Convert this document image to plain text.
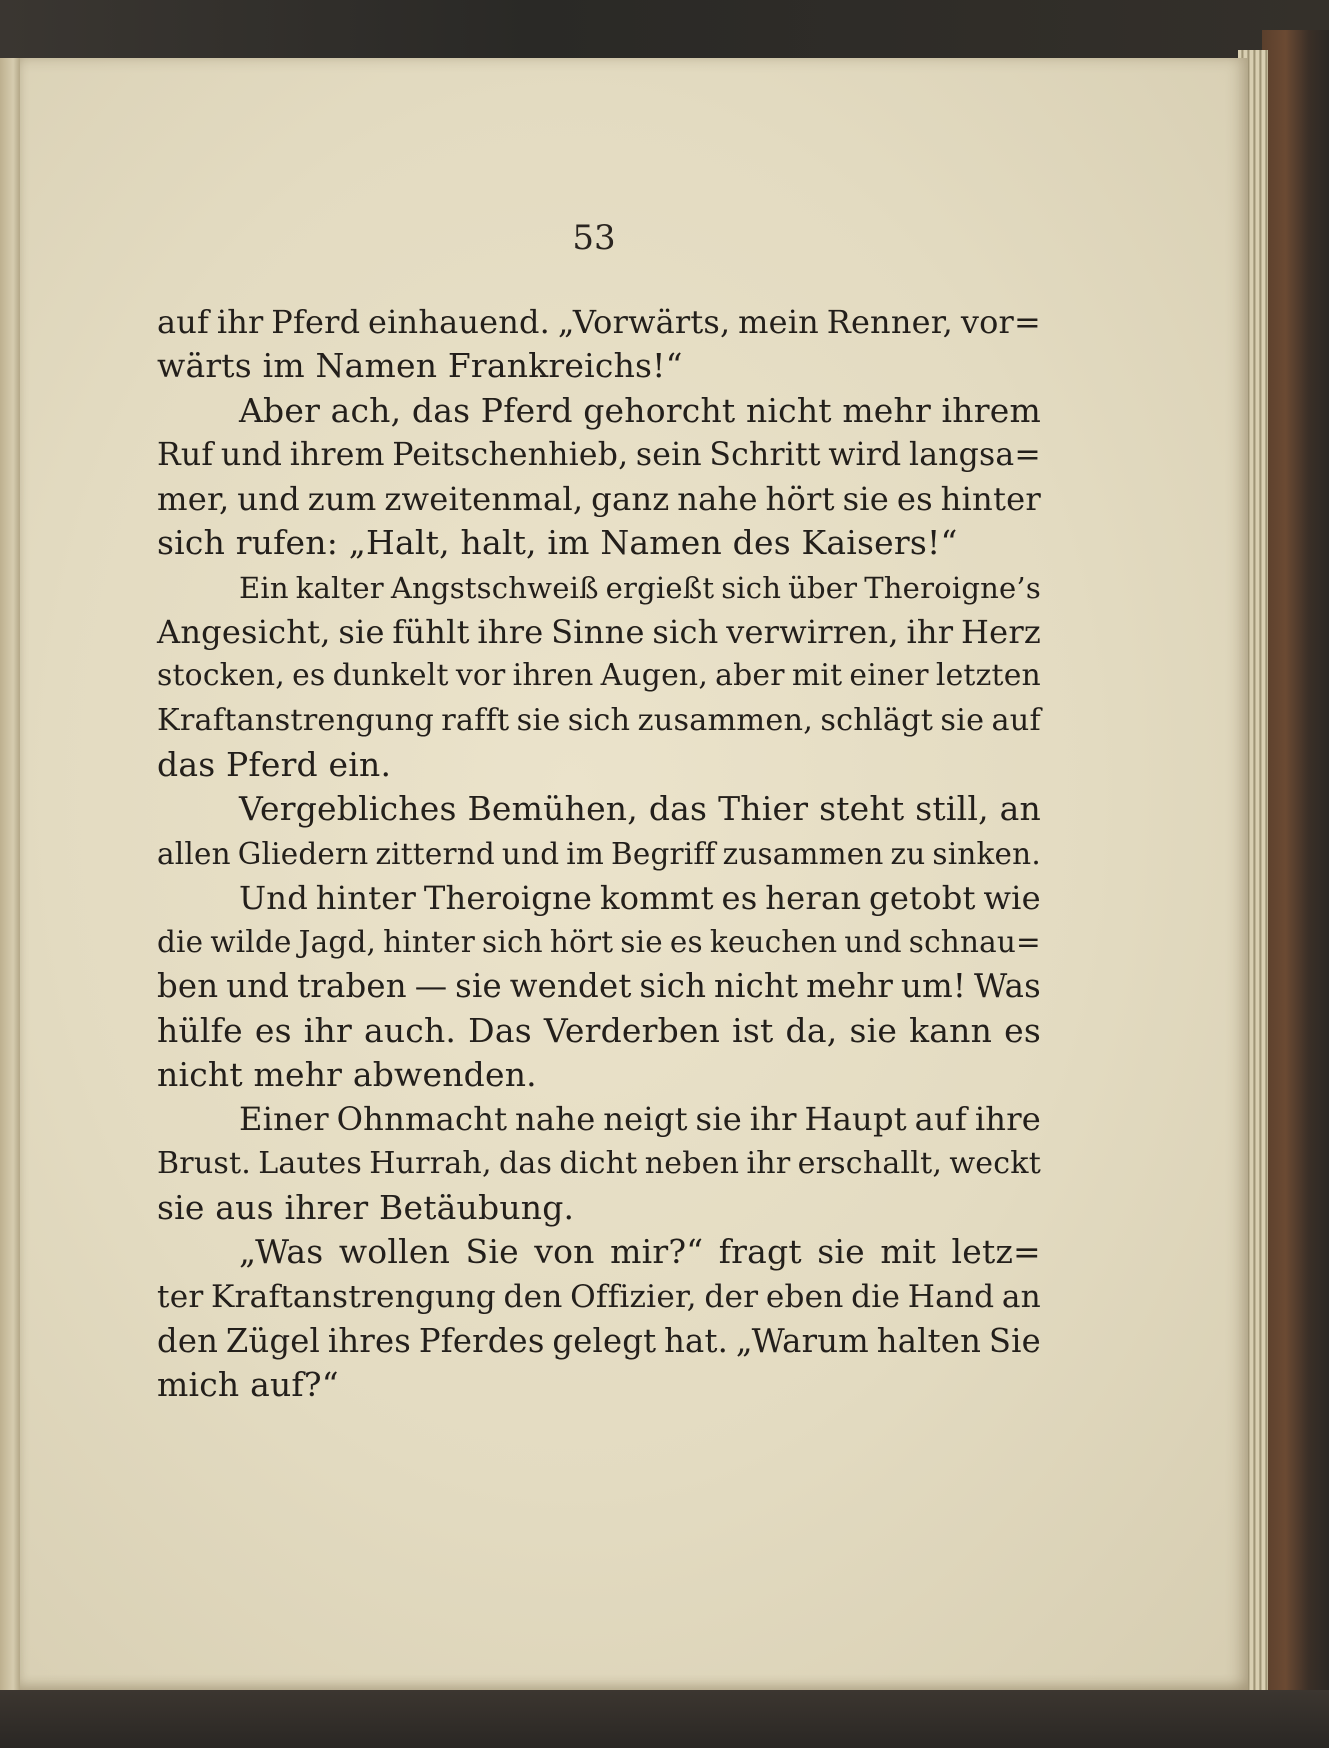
53

auf ihr Pferd einhauend. „Vorwärts, mein Renner, vor=
wärts im Namen Frankreichs!“
Aber ach, das Pferd gehorcht nicht mehr ihrem
Ruf und ihrem Peitschenhieb, sein Schritt wird langsa=
mer, und zum zweitenmal, ganz nahe hört sie es hinter
sich rufen: „Halt, halt, im Namen des Kaisers!“
Ein kalter Angstschweiß ergießt sich über Theroigne’s
Angesicht, sie fühlt ihre Sinne sich verwirren, ihr Herz
stocken, es dunkelt vor ihren Augen, aber mit einer letzten
Kraftanstrengung rafft sie sich zusammen, schlägt sie auf
das Pferd ein.
Vergebliches Bemühen, das Thier steht still, an
allen Gliedern zitternd und im Begriff zusammen zu sinken.
Und hinter Theroigne kommt es heran getobt wie
die wilde Jagd, hinter sich hört sie es keuchen und schnau=
ben und traben — sie wendet sich nicht mehr um! Was
hülfe es ihr auch. Das Verderben ist da, sie kann es
nicht mehr abwenden.
Einer Ohnmacht nahe neigt sie ihr Haupt auf ihre
Brust. Lautes Hurrah, das dicht neben ihr erschallt, weckt
sie aus ihrer Betäubung.
„Was wollen Sie von mir?“ fragt sie mit letz=
ter Kraftanstrengung den Offizier, der eben die Hand an
den Zügel ihres Pferdes gelegt hat. „Warum halten Sie
mich auf?“
